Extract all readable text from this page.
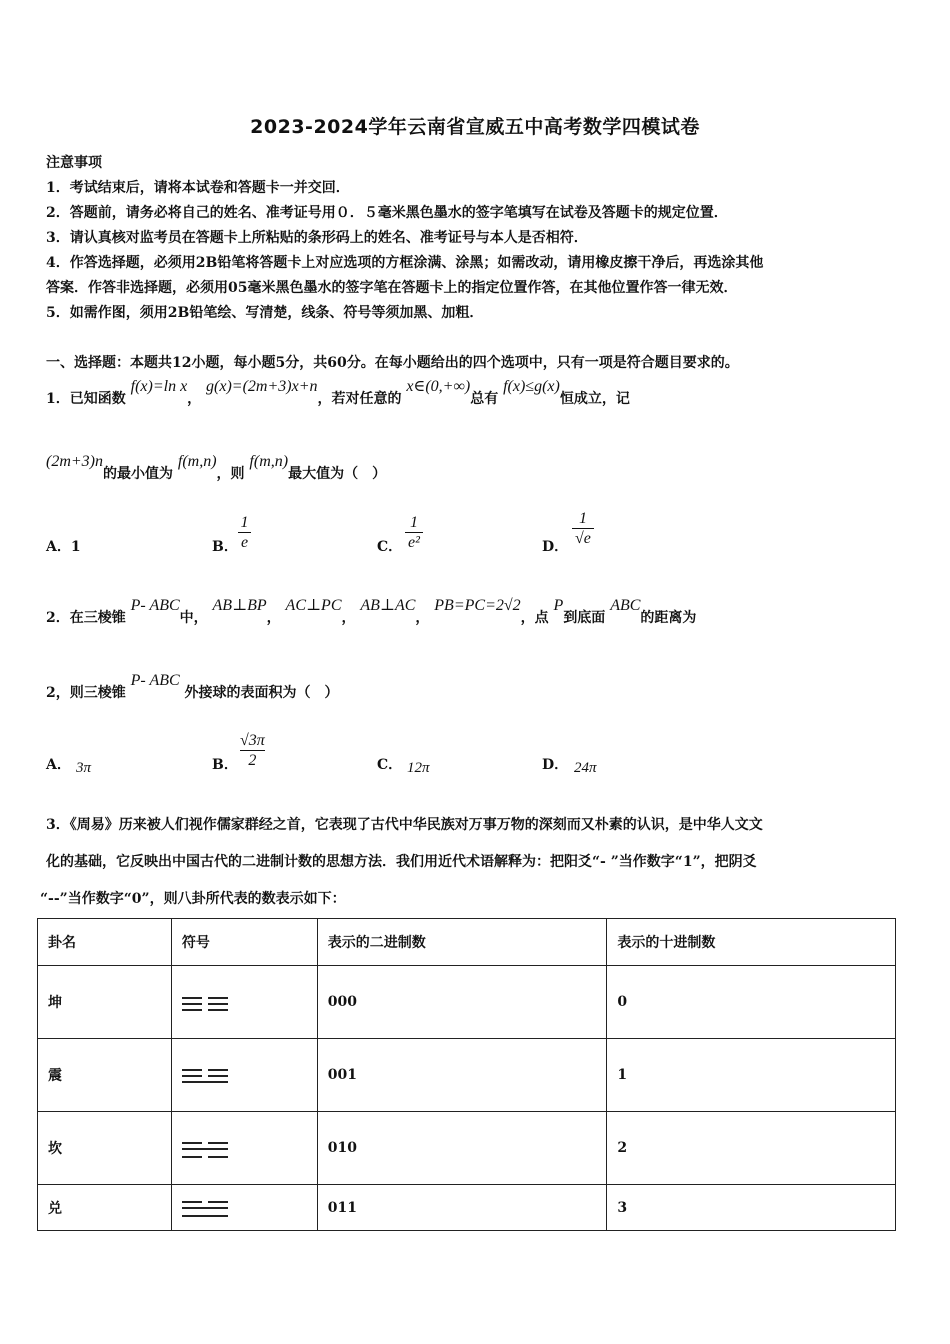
2023-2024学年云南省宣威五中高考数学四模试卷
注意事项
1．考试结束后，请将本试卷和答题卡一并交回．
2．答题前，请务必将自己的姓名、准考证号用０．５毫米黑色墨水的签字笔填写在试卷及答题卡的规定位置．
3．请认真核对监考员在答题卡上所粘贴的条形码上的姓名、准考证号与本人是否相符．
4．作答选择题，必须用2B铅笔将答题卡上对应选项的方框涂满、涂黑；如需改动，请用橡皮擦干净后，再选涂其他
答案．作答非选择题，必须用05毫米黑色墨水的签字笔在答题卡上的指定位置作答，在其他位置作答一律无效．
5．如需作图，须用2B铅笔绘、写清楚，线条、符号等须加黑、加粗．
一、选择题：本题共12小题，每小题5分，共60分。在每小题给出的四个选项中，只有一项是符合题目要求的。
1．已知函数 f(x)=ln x， g(x)=(2m+3)x+n，若对任意的 x∈(0,+∞)总有 f(x)≤g(x)恒成立，记
(2m+3)n的最小值为 f(m,n)，则 f(m,n)最大值为（　）
A．1	B． $\frac{1}{e}$	C． $\frac{1}{\text{e²}}$	D． $\frac{1}{√e}$
2．在三棱锥 P- ABC中， AB⊥BP， AC⊥PC， AB⊥AC， PB=PC=2√2，点 P到底面 ABC的距离为
2，则三棱锥 P- ABC 外接球的表面积为（　）
A． 3π	B． $\frac{√3\pi}{2}$	C． 12π	D． 24π
3．《周易》历来被人们视作儒家群经之首，它表现了古代中华民族对万事万物的深刻而又朴素的认识，是中华人文文
化的基础，它反映出中国古代的二进制计数的思想方法．我们用近代术语解释为：把阳爻“- ”当作数字“1”，把阴爻
“--”当作数字“0”，则八卦所代表的数表示如下：
卦名	符号	表示的二进制数	表示的十进制数
坤		000	0
震		001	1
坎		010	2
兑		011	3
